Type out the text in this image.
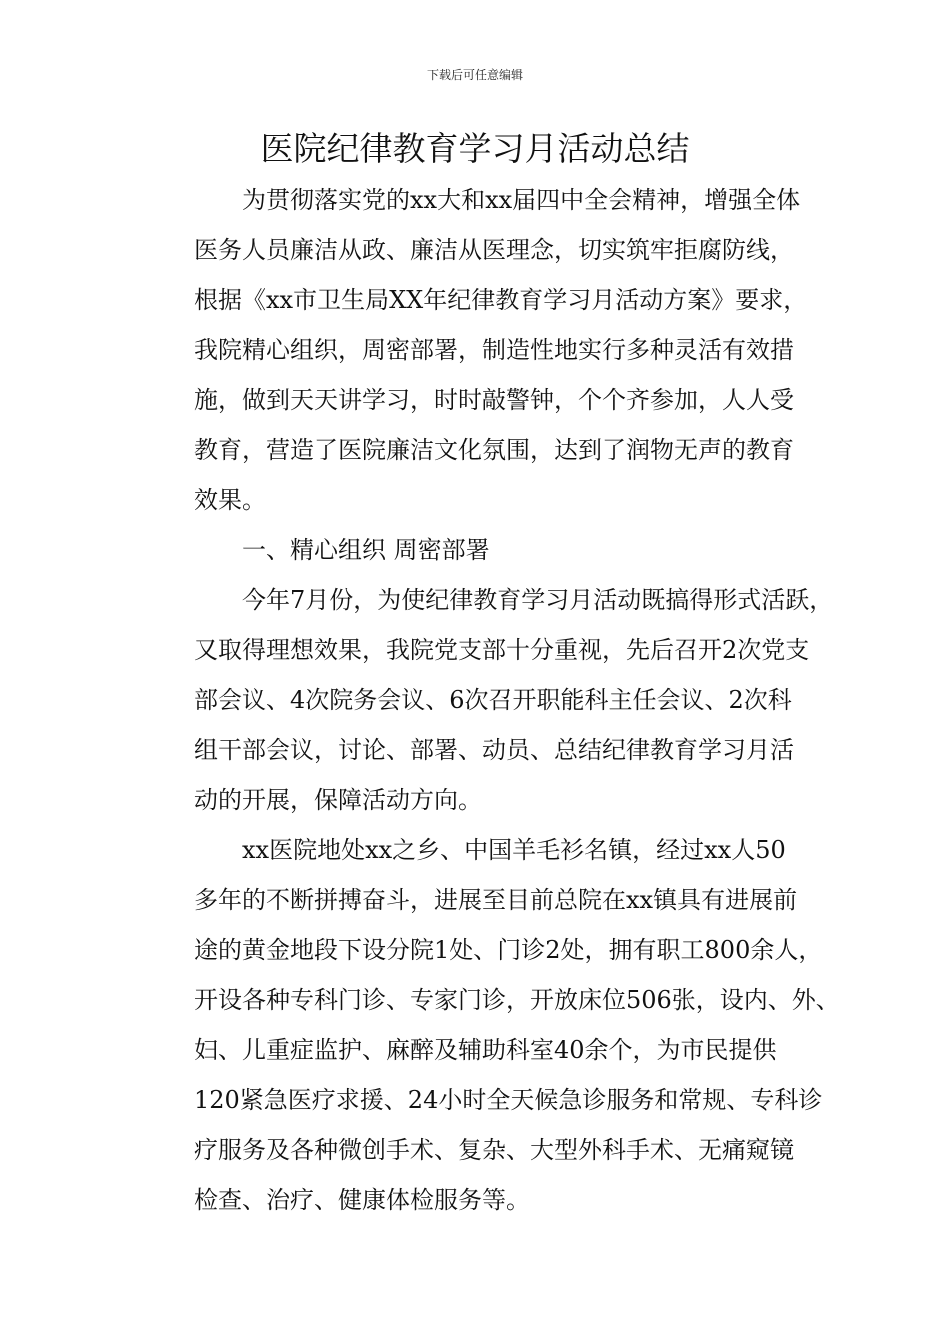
下载后可任意编辑
医院纪律教育学习月活动总结
为贯彻落实党的xx大和xx届四中全会精神，增强全体
医务人员廉洁从政、廉洁从医理念，切实筑牢拒腐防线，
根据《xx市卫生局XX年纪律教育学习月活动方案》要求，
我院精心组织，周密部署，制造性地实行多种灵活有效措
施，做到天天讲学习，时时敲警钟，个个齐参加，人人受
教育，营造了医院廉洁文化氛围，达到了润物无声的教育
效果。
一、精心组织 周密部署
今年7月份，为使纪律教育学习月活动既搞得形式活跃，
又取得理想效果，我院党支部十分重视，先后召开2次党支
部会议、4次院务会议、6次召开职能科主任会议、2次科
组干部会议，讨论、部署、动员、总结纪律教育学习月活
动的开展，保障活动方向。
xx医院地处xx之乡、中国羊毛衫名镇，经过xx人50
多年的不断拼搏奋斗，进展至目前总院在xx镇具有进展前
途的黄金地段下设分院1处、门诊2处，拥有职工800余人，
开设各种专科门诊、专家门诊，开放床位506张，设内、外、
妇、儿重症监护、麻醉及辅助科室40余个，为市民提供
120紧急医疗求援、24小时全天候急诊服务和常规、专科诊
疗服务及各种微创手术、复杂、大型外科手术、无痛窥镜
检查、治疗、健康体检服务等。
